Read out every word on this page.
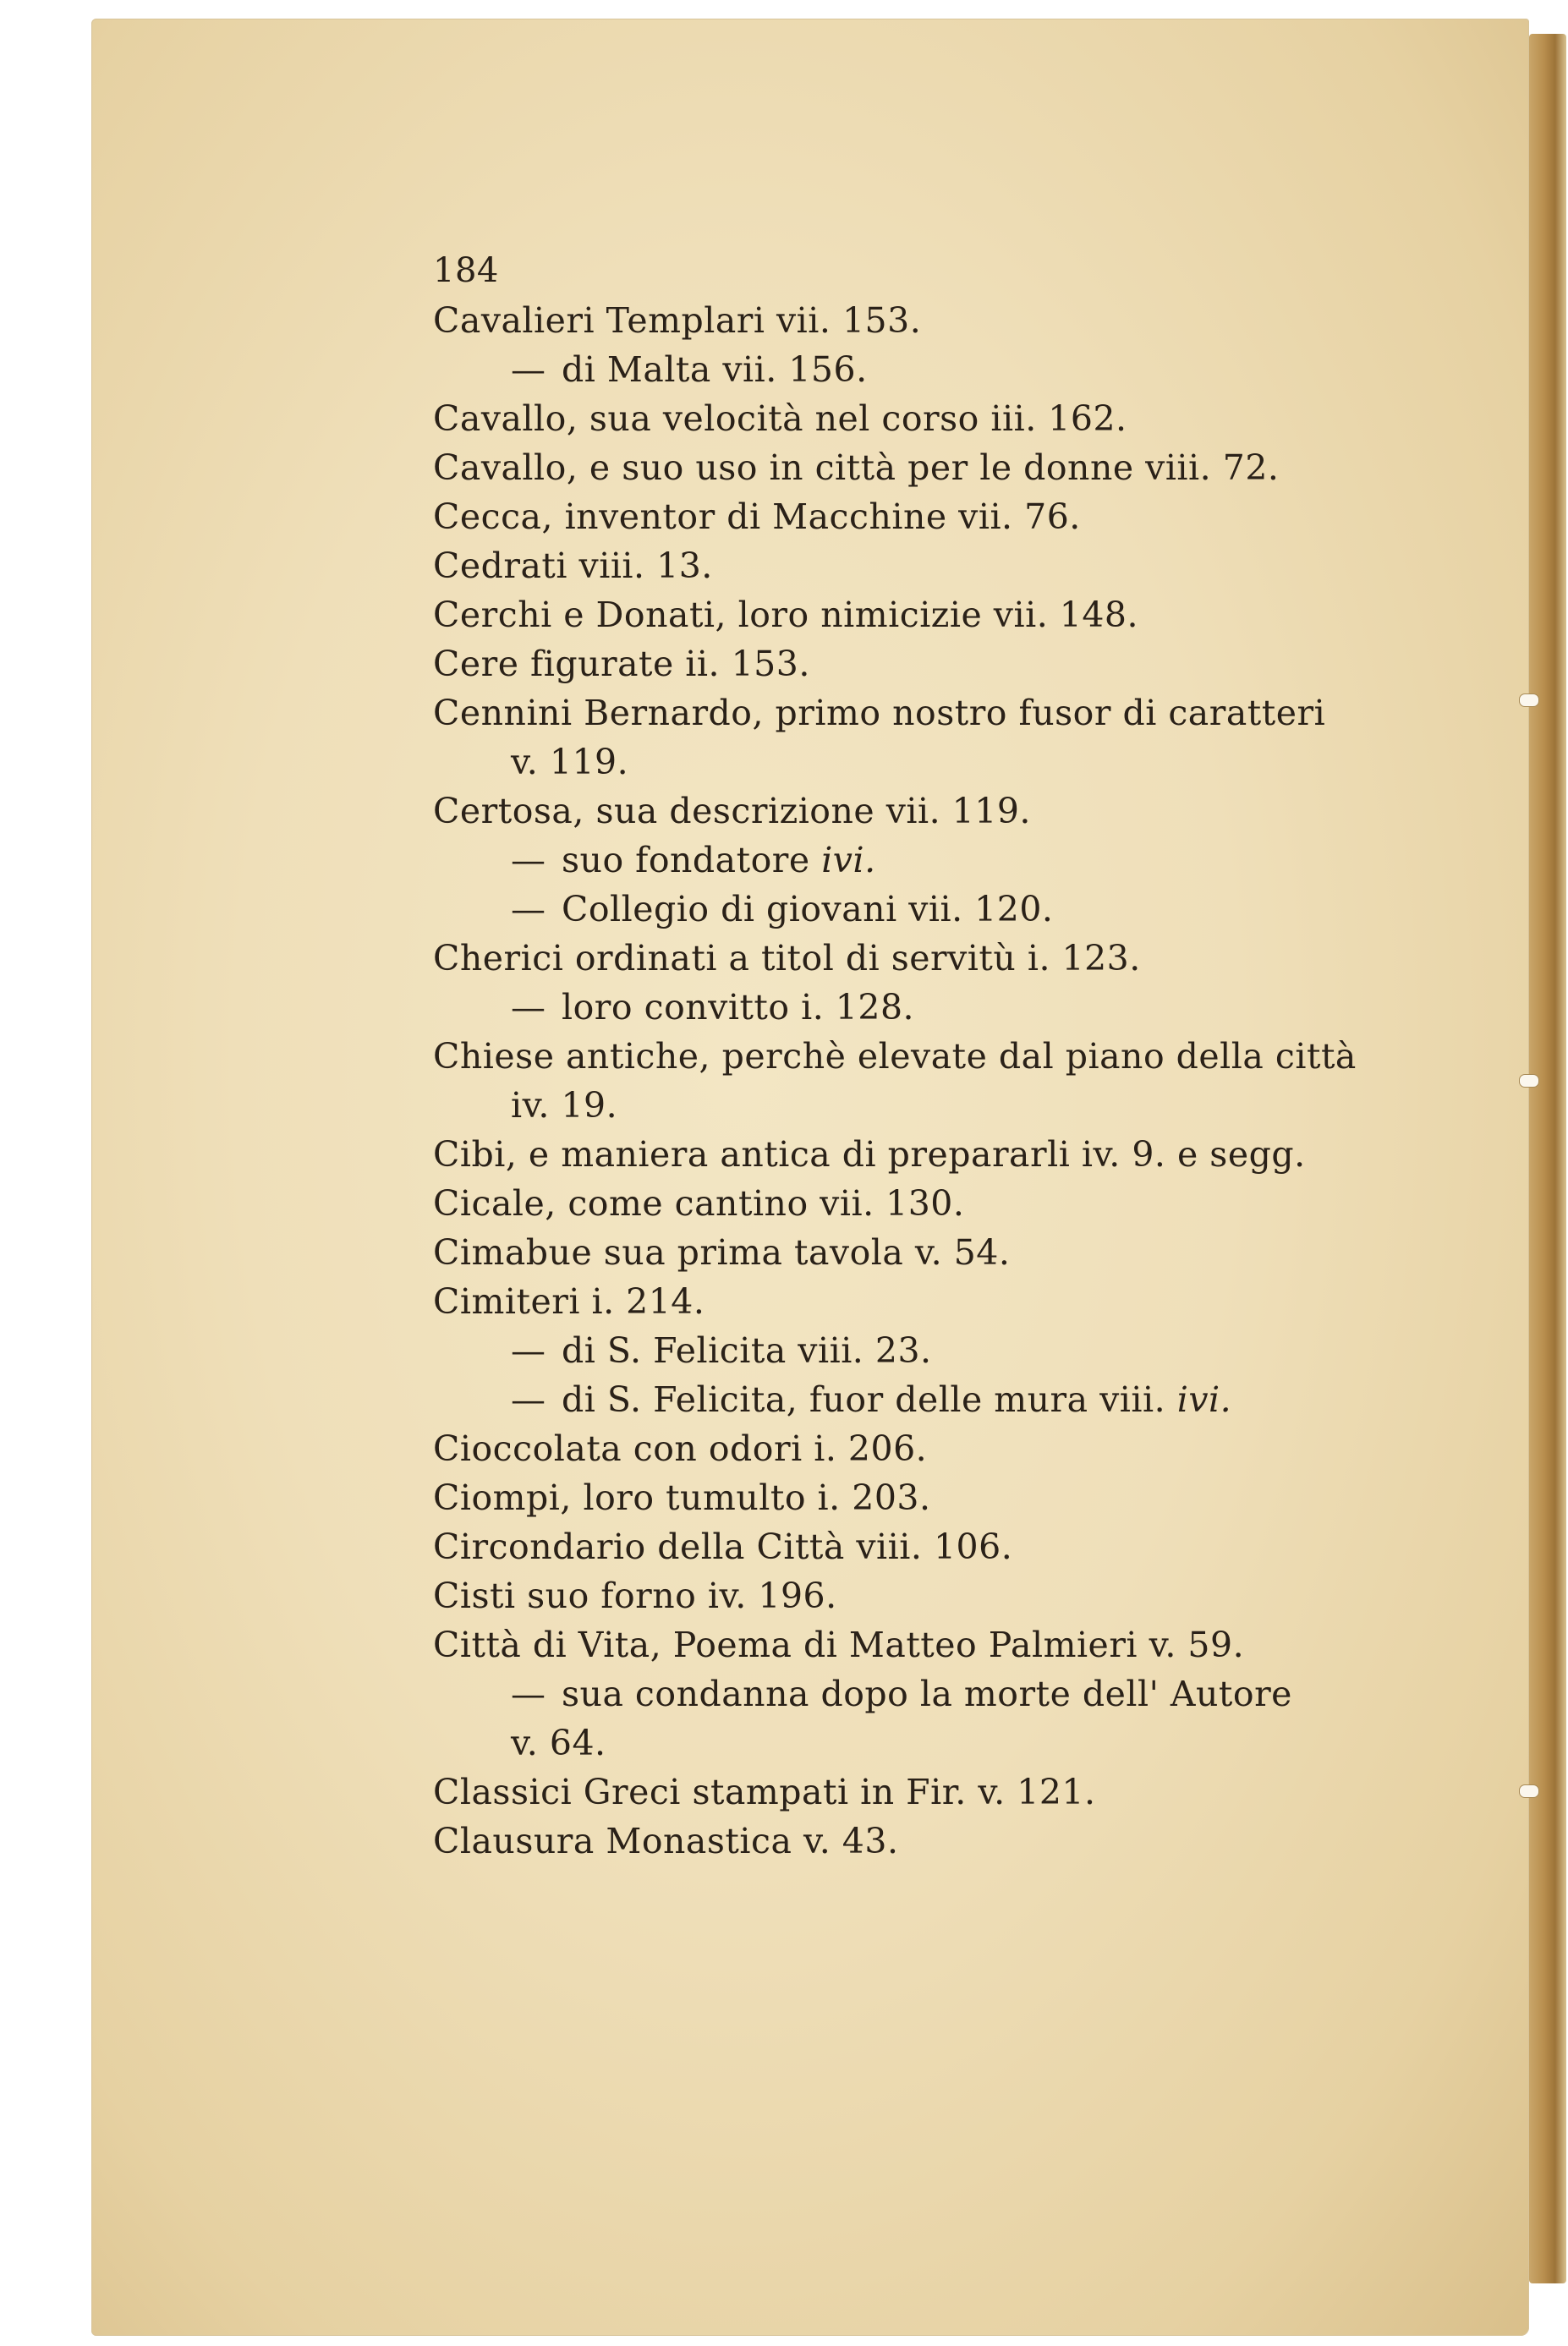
184
Cavalieri Templari vii. 153.
— di Malta vii. 156.
Cavallo, sua velocità nel corso iii. 162.
Cavallo, e suo uso in città per le donne viii. 72.
Cecca, inventor di Macchine vii. 76.
Cedrati viii. 13.
Cerchi e Donati, loro nimicizie vii. 148.
Cere figurate ii. 153.
Cennini Bernardo, primo nostro fusor di caratteri
v. 119.
Certosa, sua descrizione vii. 119.
— suo fondatore ivi.
— Collegio di giovani vii. 120.
Cherici ordinati a titol di servitù i. 123.
— loro convitto i. 128.
Chiese antiche, perchè elevate dal piano della città
iv. 19.
Cibi, e maniera antica di prepararli iv. 9. e segg.
Cicale, come cantino vii. 130.
Cimabue sua prima tavola v. 54.
Cimiteri i. 214.
— di S. Felicita viii. 23.
— di S. Felicita, fuor delle mura viii. ivi.
Cioccolata con odori i. 206.
Ciompi, loro tumulto i. 203.
Circondario della Città viii. 106.
Cisti suo forno iv. 196.
Città di Vita, Poema di Matteo Palmieri v. 59.
— sua condanna dopo la morte dell' Autore
v. 64.
Classici Greci stampati in Fir. v. 121.
Clausura Monastica v. 43.
